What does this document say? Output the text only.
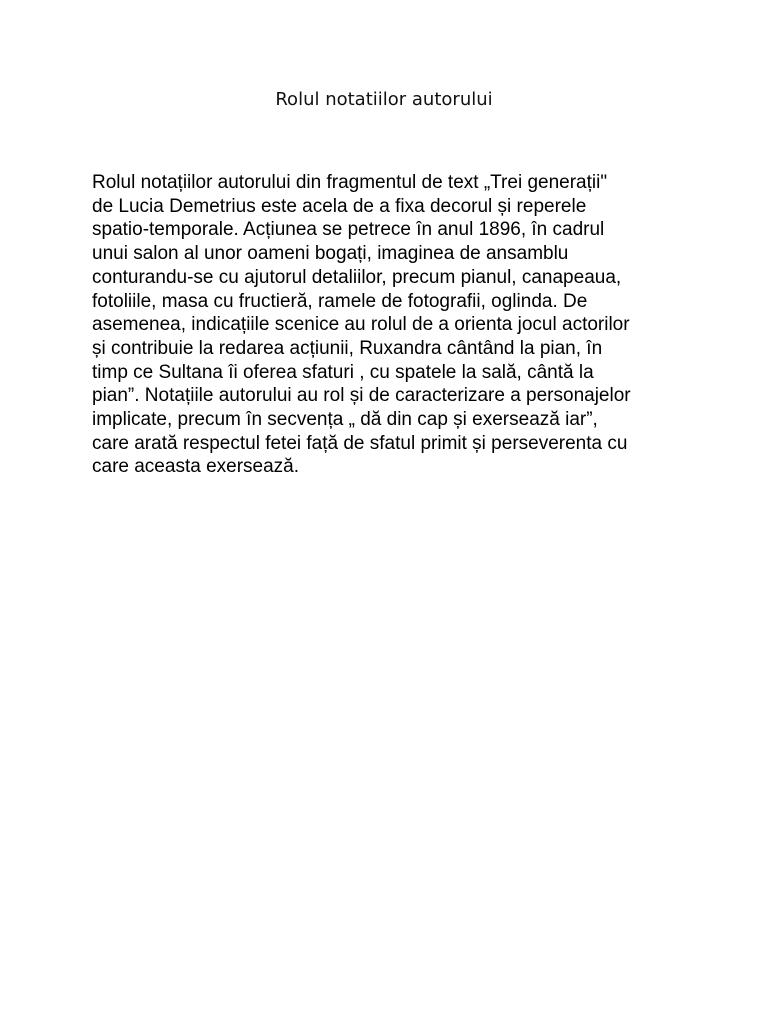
Rolul notatiilor autorului

Rolul notațiilor autorului din fragmentul de text „Trei generații"
de Lucia Demetrius este acela de a fixa decorul și reperele
spatio-temporale. Acțiunea se petrece în anul 1896, în cadrul
unui salon al unor oameni bogați, imaginea de ansamblu
conturandu-se cu ajutorul detaliilor, precum pianul, canapeaua,
fotoliile, masa cu fructieră, ramele de fotografii, oglinda. De
asemenea, indicațiile scenice au rolul de a orienta jocul actorilor
și contribuie la redarea acțiunii, Ruxandra cântând la pian, în
timp ce Sultana îi oferea sfaturi , cu spatele la sală, cântă la
pian”. Notațiile autorului au rol și de caracterizare a personajelor
implicate, precum în secvența „ dă din cap și exersează iar”,
care arată respectul fetei față de sfatul primit și perseverenta cu
care aceasta exersează.
